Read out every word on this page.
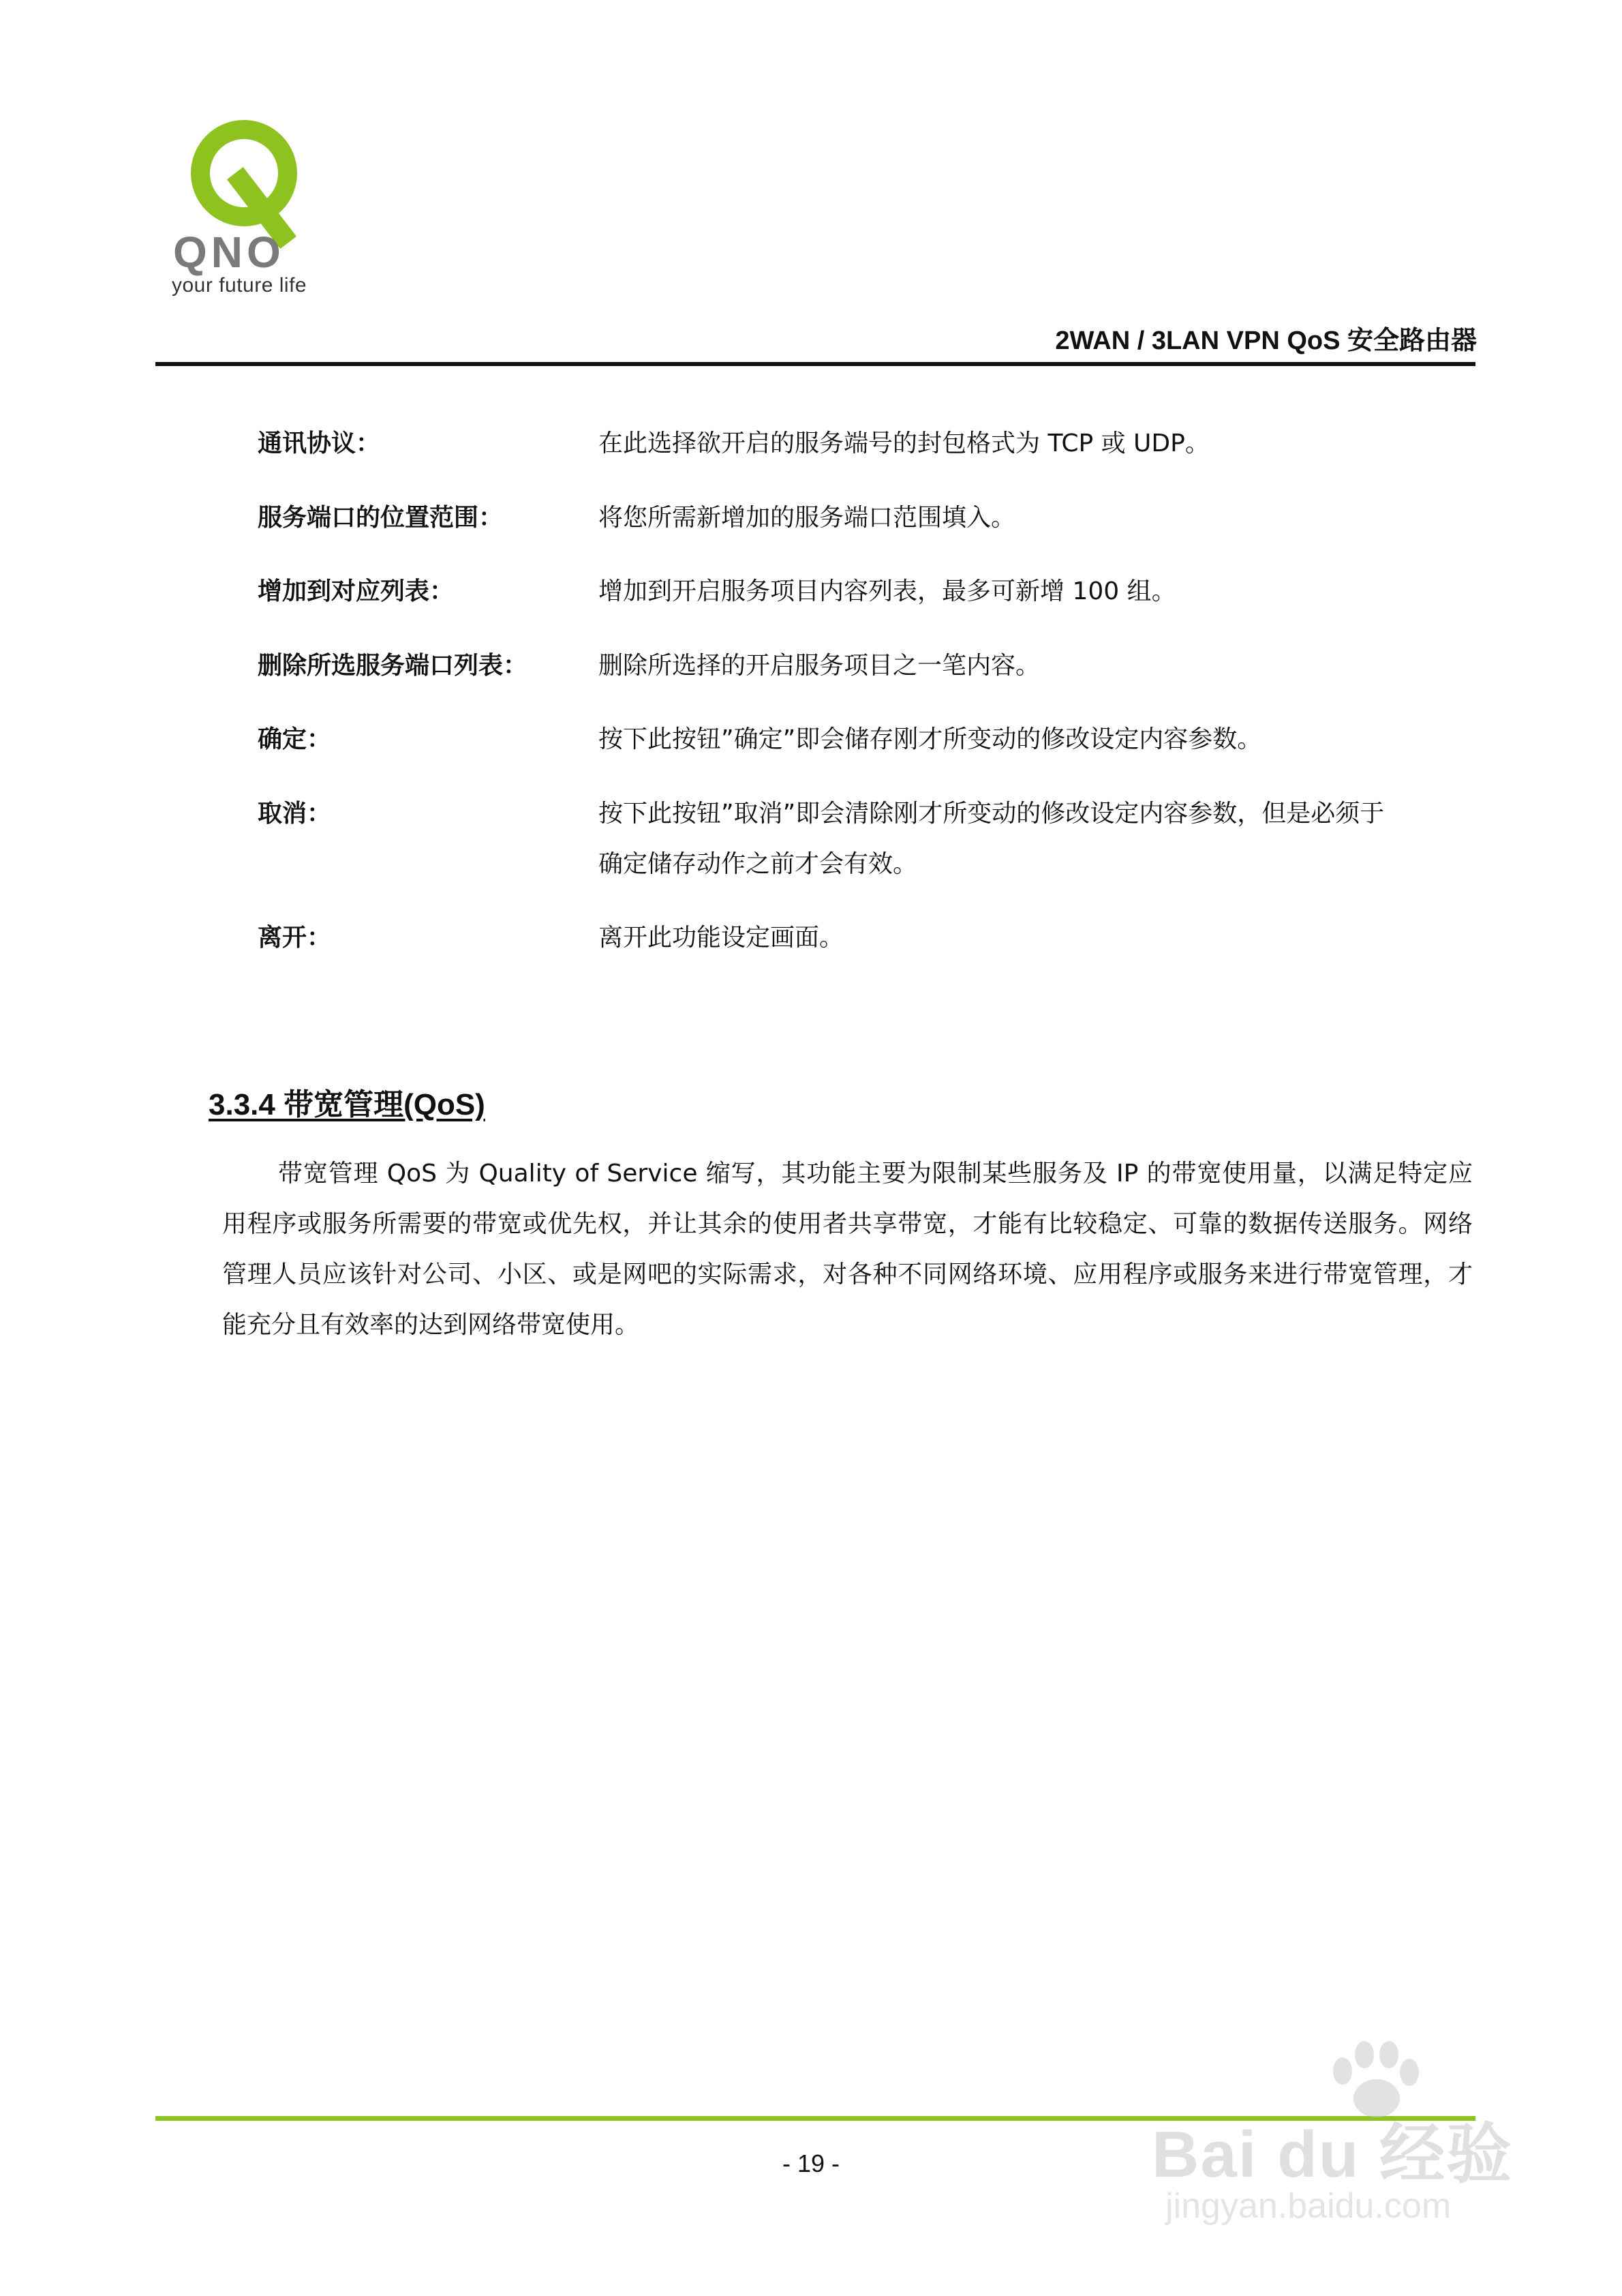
QNO
your future life
2WAN / 3LAN VPN QoS 安全路由器
通讯协议：	在此选择欲开启的服务端号的封包格式为 TCP 或 UDP。
服务端口的位置范围：	将您所需新增加的服务端口范围填入。
增加到对应列表：	增加到开启服务项目内容列表，最多可新增 100 组。
删除所选服务端口列表：	删除所选择的开启服务项目之一笔内容。
确定：	按下此按钮”确定”即会储存刚才所变动的修改设定内容参数。
取消：	按下此按钮”取消”即会清除刚才所变动的修改设定内容参数，但是必须于
确定储存动作之前才会有效。
离开：	离开此功能设定画面。
3.3.4 带宽管理(QoS)
带宽管理 QoS 为 Quality of Service 缩写，其功能主要为限制某些服务及 IP 的带宽使用量，以满足特定应用程序或服务所需要的带宽或优先权，并让其余的使用者共享带宽，才能有比较稳定、可靠的数据传送服务。网络管理人员应该针对公司、小区、或是网吧的实际需求，对各种不同网络环境、应用程序或服务来进行带宽管理，才能充分且有效率的达到网络带宽使用。
- 19 -	Bai du 经验
jingyan.baidu.com
